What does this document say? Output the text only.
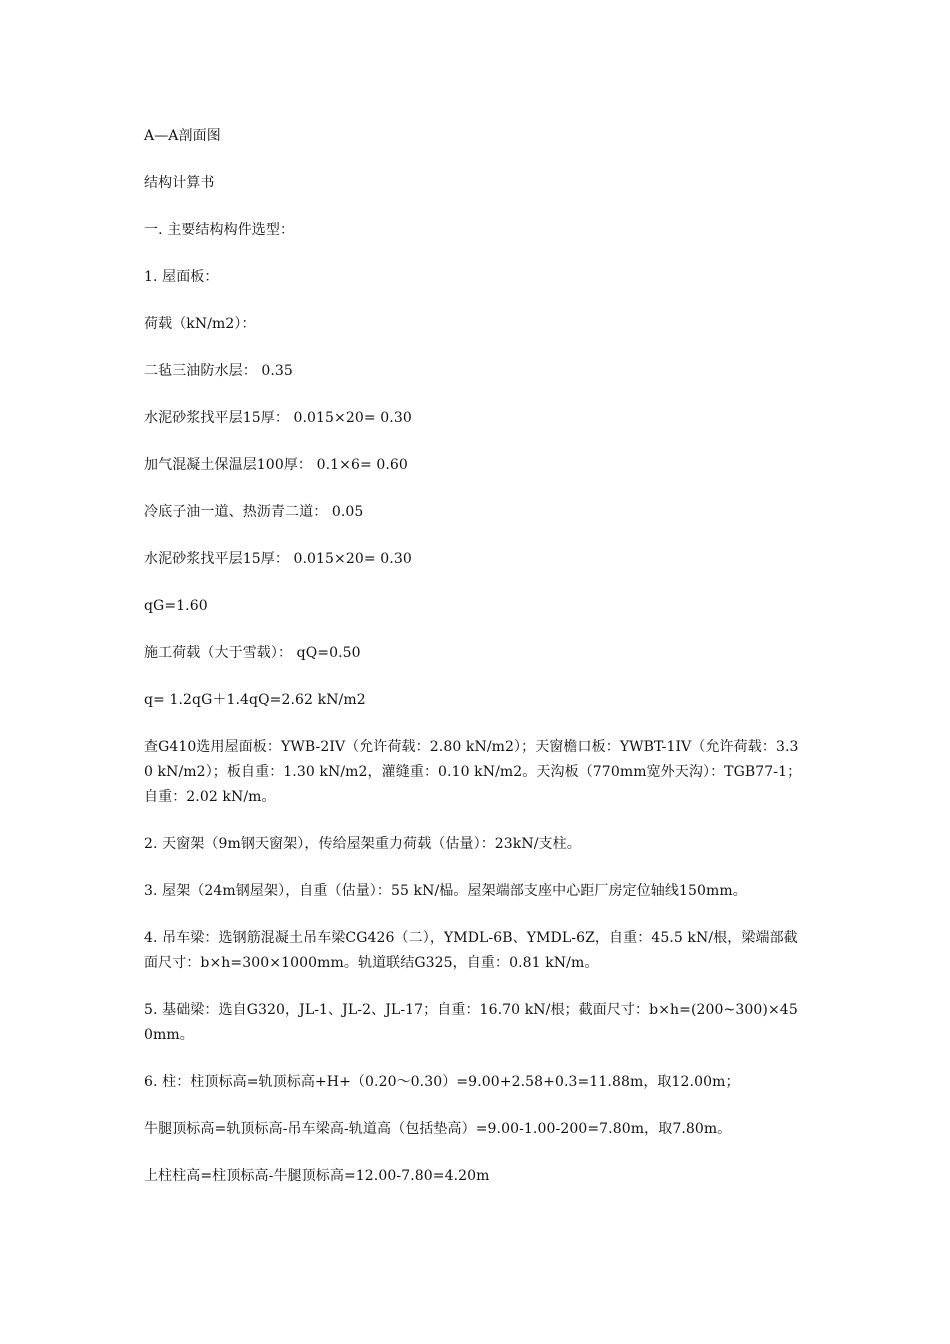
A—A剖面图

结构计算书

一. 主要结构构件选型：

1. 屋面板：

荷载（kN/m2）：

二毡三油防水层： 0.35

水泥砂浆找平层15厚： 0.015×20= 0.30

加气混凝土保温层100厚： 0.1×6= 0.60

冷底子油一道、热沥青二道： 0.05

水泥砂浆找平层15厚： 0.015×20= 0.30

qG=1.60

施工荷载（大于雪载）： qQ=0.50

q= 1.2qG＋1.4qQ=2.62 kN/m2

查G410选用屋面板：YWB-2IV（允许荷载：2.80 kN/m2）；天窗檐口板：YWBT-1IV（允许荷载：3.30 kN/m2）；板自重：1.30 kN/m2，灌缝重：0.10 kN/m2。天沟板（770mm宽外天沟）：TGB77-1；自重：2.02 kN/m。

2. 天窗架（9m钢天窗架），传给屋架重力荷载（估量）：23kN/支柱。

3. 屋架（24m钢屋架），自重（估量）：55 kN/榀。屋架端部支座中心距厂房定位轴线150mm。

4. 吊车梁：选钢筋混凝土吊车梁CG426（二），YMDL-6B、YMDL-6Z，自重：45.5 kN/根，梁端部截面尺寸：b×h=300×1000mm。轨道联结G325，自重：0.81 kN/m。

5. 基础梁：选自G320，JL-1、JL-2、JL-17；自重：16.70 kN/根；截面尺寸：b×h=(200~300)×450mm。

6. 柱：柱顶标高=轨顶标高+H+（0.20～0.30）=9.00+2.58+0.3=11.88m，取12.00m；

牛腿顶标高=轨顶标高-吊车梁高-轨道高（包括垫高）=9.00-1.00-200=7.80m，取7.80m。

上柱柱高=柱顶标高-牛腿顶标高=12.00-7.80=4.20m
